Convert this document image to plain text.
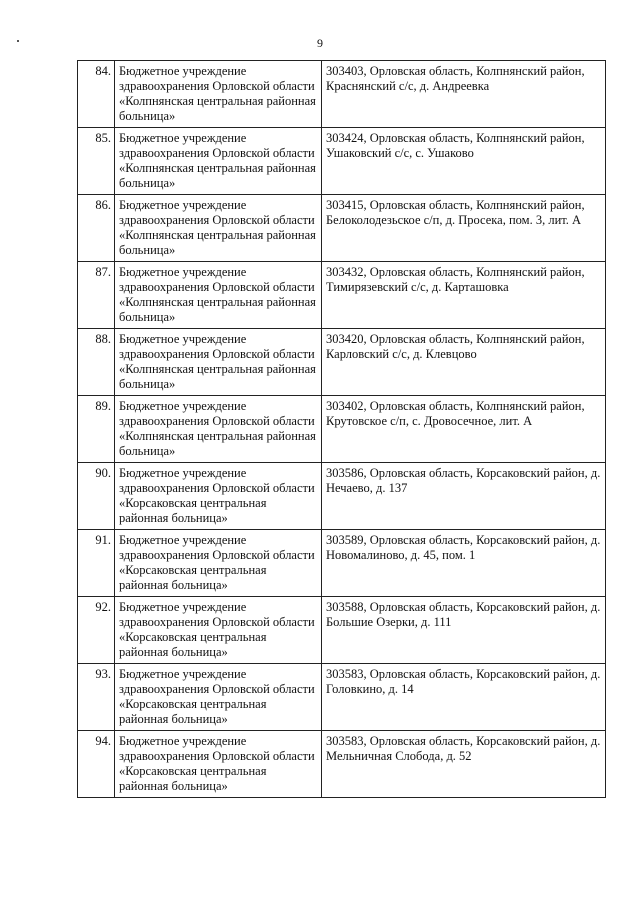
9
84.	Бюджетное учреждение здравоохранения Орловской области «Колпнянская центральная районная больница»	303403, Орловская область, Колпнянский район, Краснянский с/с, д. Андреевка
85.	Бюджетное учреждение здравоохранения Орловской области «Колпнянская центральная районная больница»	303424, Орловская область, Колпнянский район, Ушаковский с/с, с. Ушаково
86.	Бюджетное учреждение здравоохранения Орловской области «Колпнянская центральная районная больница»	303415, Орловская область, Колпнянский район, Белоколодезьское с/п, д. Просека, пом. 3, лит. А
87.	Бюджетное учреждение здравоохранения Орловской области «Колпнянская центральная районная больница»	303432, Орловская область, Колпнянский район, Тимирязевский с/с, д. Карташовка
88.	Бюджетное учреждение здравоохранения Орловской области «Колпнянская центральная районная больница»	303420, Орловская область, Колпнянский район, Карловский с/с, д. Клевцово
89.	Бюджетное учреждение здравоохранения Орловской области «Колпнянская центральная районная больница»	303402, Орловская область, Колпнянский район, Крутовское с/п, с. Дровосечное, лит. А
90.	Бюджетное учреждение здравоохранения Орловской области «Корсаковская центральная районная больница»	303586, Орловская область, Корсаковский район, д. Нечаево, д. 137
91.	Бюджетное учреждение здравоохранения Орловской области «Корсаковская центральная районная больница»	303589, Орловская область, Корсаковский район, д. Новомалиново, д. 45, пом. 1
92.	Бюджетное учреждение здравоохранения Орловской области «Корсаковская центральная районная больница»	303588, Орловская область, Корсаковский район, д. Большие Озерки, д. 111
93.	Бюджетное учреждение здравоохранения Орловской области «Корсаковская центральная районная больница»	303583, Орловская область, Корсаковский район, д. Головкино, д. 14
94.	Бюджетное учреждение здравоохранения Орловской области «Корсаковская центральная районная больница»	303583, Орловская область, Корсаковский район, д. Мельничная Слобода, д. 52
